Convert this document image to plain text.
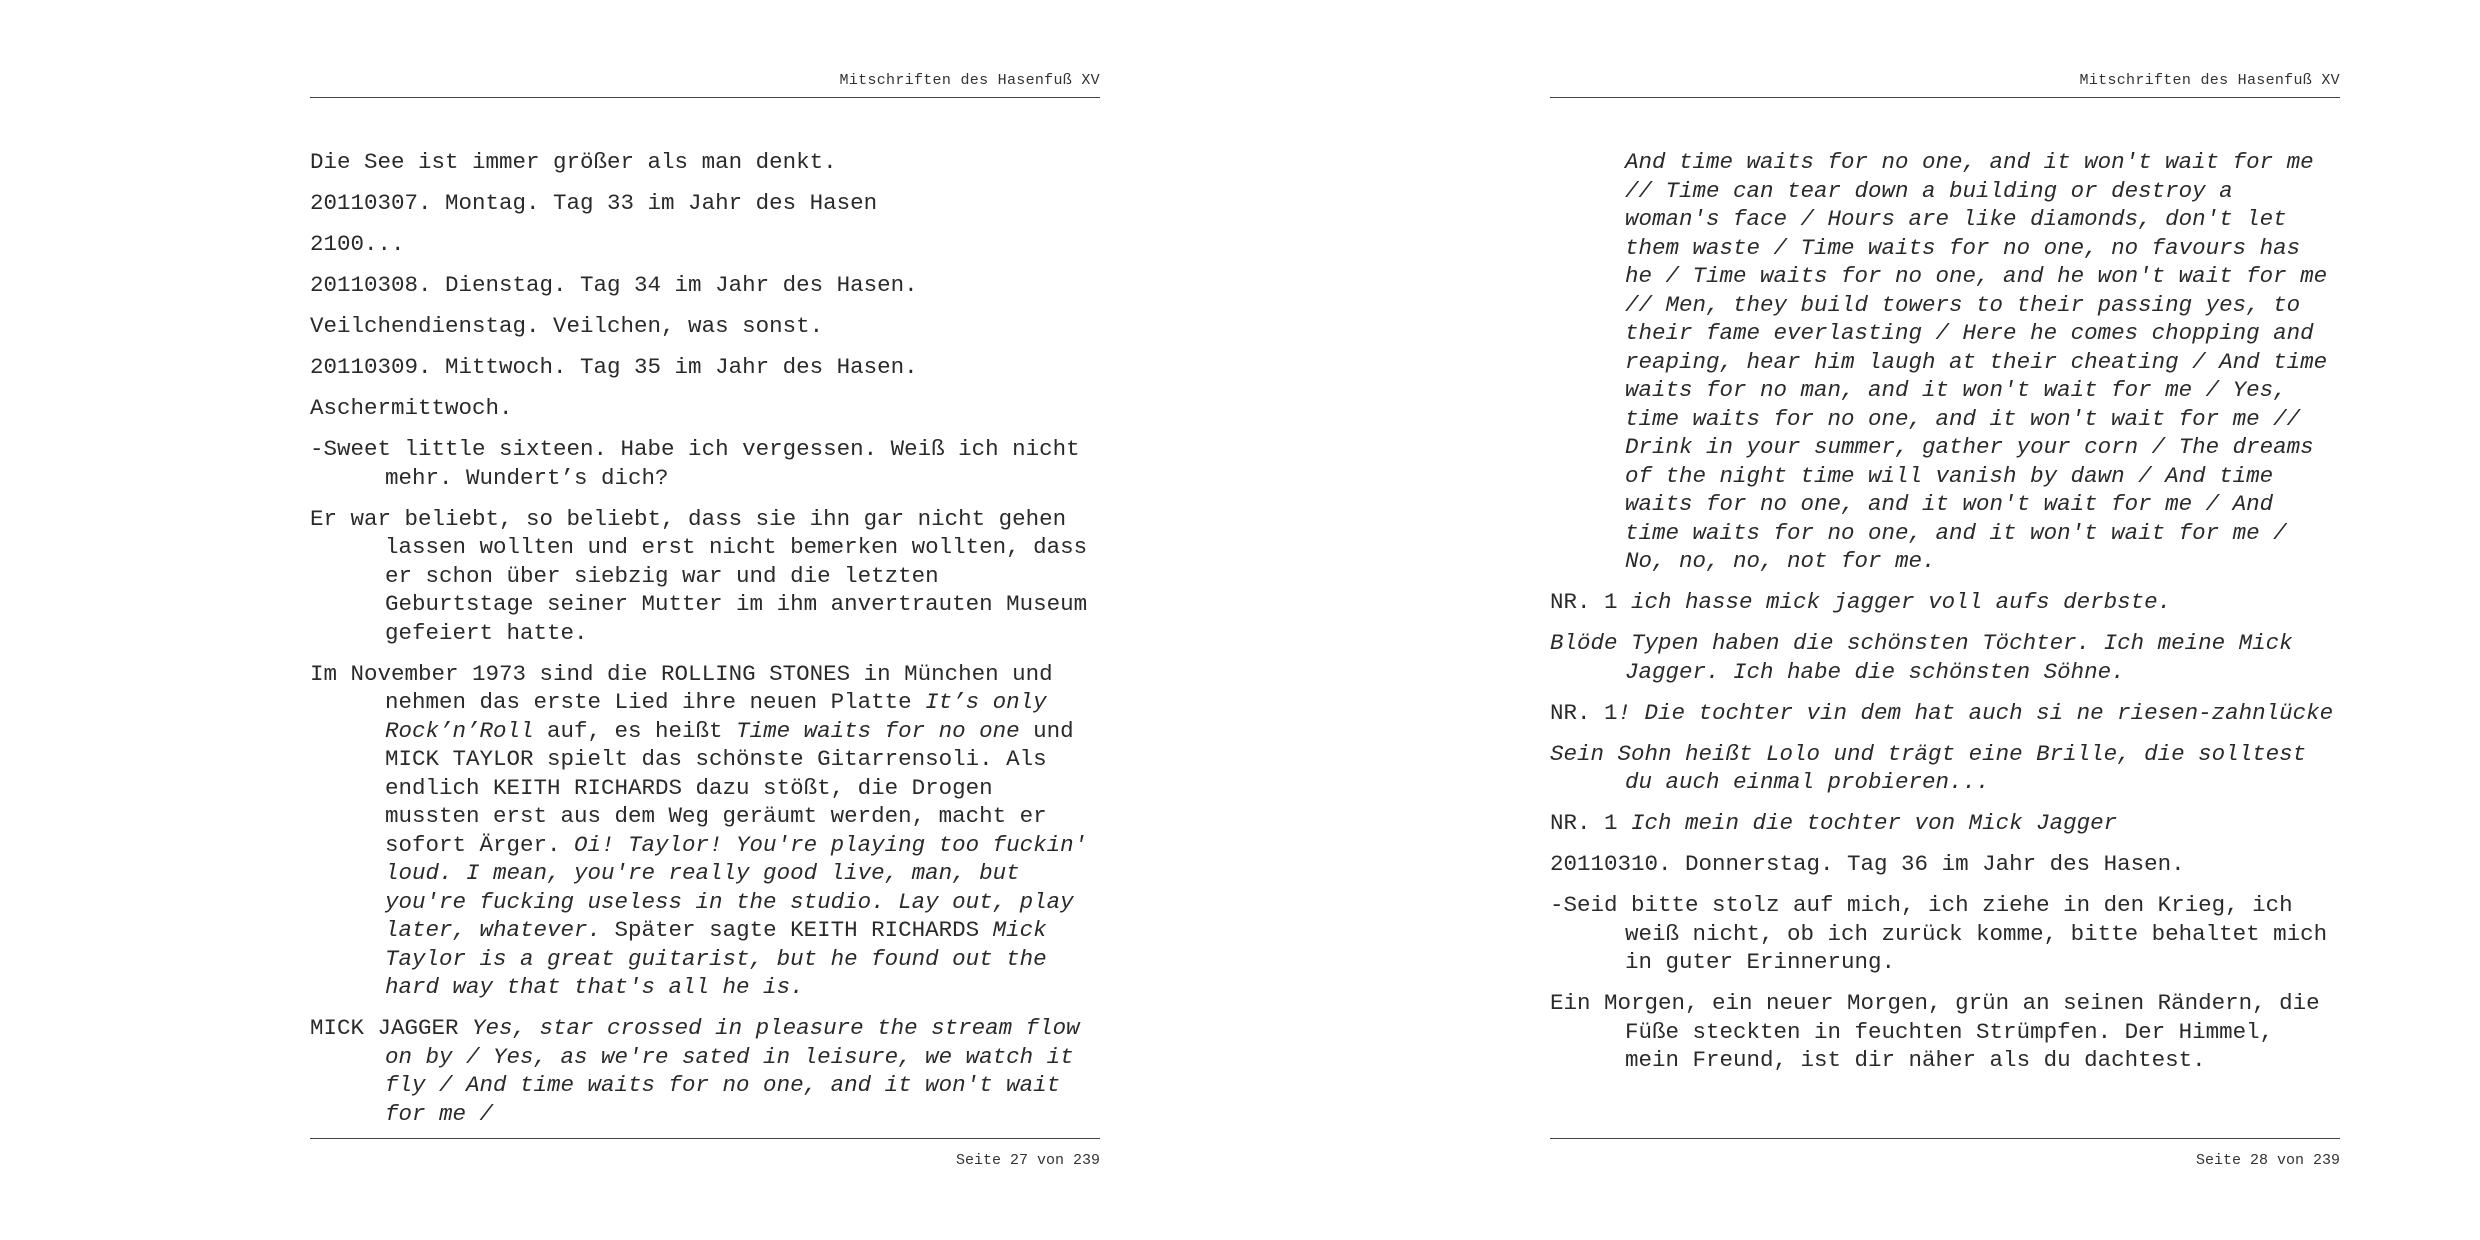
Mitschriften des Hasenfuß XV

Die See ist immer größer als man denkt.

20110307. Montag. Tag 33 im Jahr des Hasen

2100...

20110308. Dienstag. Tag 34 im Jahr des Hasen.

Veilchendienstag. Veilchen, was sonst.

20110309. Mittwoch. Tag 35 im Jahr des Hasen.

Aschermittwoch.

-Sweet little sixteen. Habe ich vergessen. Weiß ich nicht mehr. Wundert’s dich?

Er war beliebt, so beliebt, dass sie ihn gar nicht gehen lassen wollten und erst nicht bemerken wollten, dass er schon über siebzig war und die letzten Geburtstage seiner Mutter im ihm anvertrauten Museum gefeiert hatte.

Im November 1973 sind die ROLLING STONES in München und nehmen das erste Lied ihre neuen Platte It’s only Rock’n’Roll auf, es heißt Time waits for no one und MICK TAYLOR spielt das schönste Gitarrensoli. Als endlich KEITH RICHARDS dazu stößt, die Drogen mussten erst aus dem Weg geräumt werden, macht er sofort Ärger. Oi! Taylor! You're playing too fuckin' loud. I mean, you're really good live, man, but you're fucking useless in the studio. Lay out, play later, whatever. Später sagte KEITH RICHARDS Mick Taylor is a great guitarist, but he found out the hard way that that's all he is.

MICK JAGGER Yes, star crossed in pleasure the stream flow on by / Yes, as we're sated in leisure, we watch it fly / And time waits for no one, and it won't wait for me /

Seite 27 von 239
Mitschriften des Hasenfuß XV

And time waits for no one, and it won't wait for me // Time can tear down a building or destroy a woman's face / Hours are like diamonds, don't let them waste / Time waits for no one, no favours has he / Time waits for no one, and he won't wait for me // Men, they build towers to their passing yes, to their fame everlasting / Here he comes chopping and reaping, hear him laugh at their cheating / And time waits for no man, and it won't wait for me / Yes, time waits for no one, and it won't wait for me // Drink in your summer, gather your corn / The dreams of the night time will vanish by dawn / And time waits for no one, and it won't wait for me / And time waits for no one, and it won't wait for me / No, no, no, not for me.

NR. 1 ich hasse mick jagger voll aufs derbste.

Blöde Typen haben die schönsten Töchter. Ich meine Mick Jagger. Ich habe die schönsten Söhne.

NR. 1! Die tochter vin dem hat auch si ne riesen-zahnlücke

Sein Sohn heißt Lolo und trägt eine Brille, die solltest du auch einmal probieren...

NR. 1 Ich mein die tochter von Mick Jagger

20110310. Donnerstag. Tag 36 im Jahr des Hasen.

-Seid bitte stolz auf mich, ich ziehe in den Krieg, ich weiß nicht, ob ich zurück komme, bitte behaltet mich in guter Erinnerung.

Ein Morgen, ein neuer Morgen, grün an seinen Rändern, die Füße steckten in feuchten Strümpfen. Der Himmel, mein Freund, ist dir näher als du dachtest.

Seite 28 von 239
